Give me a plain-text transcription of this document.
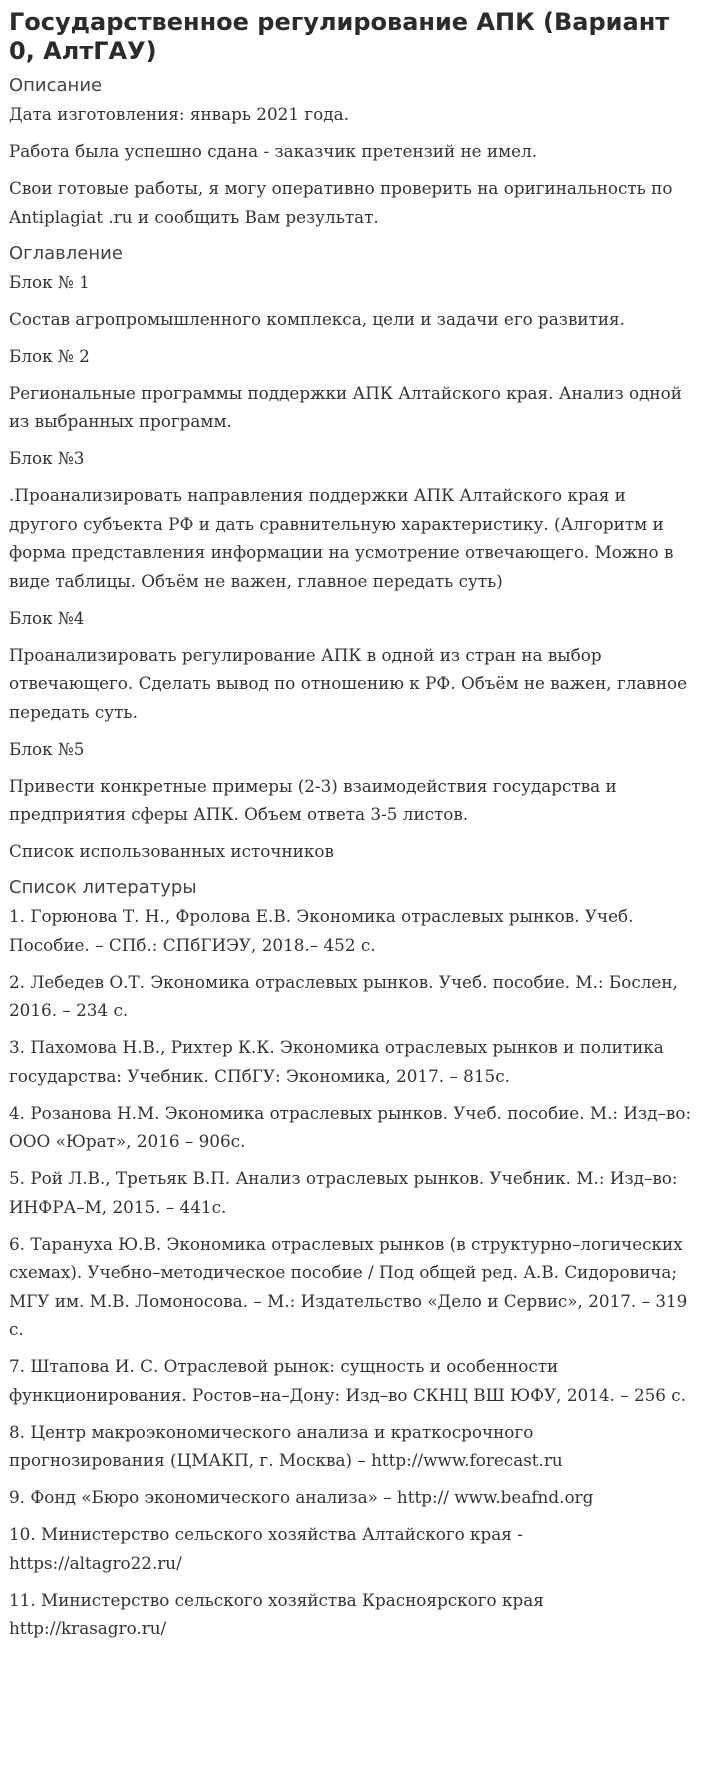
Государственное регулирование АПК (Вариант 0, АлтГАУ)
Описание

Дата изготовления: январь 2021 года.

Работа была успешно сдана - заказчик претензий не имел.

Свои готовые работы, я могу оперативно проверить на оригинальность по Antiplagiat .ru и сообщить Вам результат.

Оглавление

Блок № 1

Состав агропромышленного комплекса, цели и задачи его развития.

Блок № 2

Региональные программы поддержки АПК Алтайского края. Анализ одной из выбранных программ.

Блок №3

.Проанализировать направления поддержки АПК Алтайского края и другого субъекта РФ и дать сравнительную характеристику. (Алгоритм и форма представления информации на усмотрение отвечающего. Можно в виде таблицы. Объём не важен, главное передать суть)

Блок №4

Проанализировать регулирование АПК в одной из стран на выбор отвечающего. Сделать вывод по отношению к РФ. Объём не важен, главное передать суть.

Блок №5

Привести конкретные примеры (2-3) взаимодействия государства и предприятия сферы АПК. Объем ответа 3-5 листов.

Список использованных источников

Список литературы

1. Горюнова Т. Н., Фролова Е.В. Экономика отраслевых рынков. Учеб. Пособие. – СПб.: СПбГИЭУ, 2018.– 452 с.

2. Лебедев О.Т. Экономика отраслевых рынков. Учеб. пособие. М.: Бослен, 2016. – 234 с.

3. Пахомова Н.В., Рихтер К.К. Экономика отраслевых рынков и политика государства: Учебник. СПбГУ: Экономика, 2017. – 815с.

4. Розанова Н.М. Экономика отраслевых рынков. Учеб. пособие. М.: Изд–во: ООО «Юрат», 2016 – 906с.

5. Рой Л.В., Третьяк В.П. Анализ отраслевых рынков. Учебник. М.: Изд–во: ИНФРА–М, 2015. – 441с.

6. Тарануха Ю.В. Экономика отраслевых рынков (в структурно–логических схемах). Учебно–методическое пособие / Под общей ред. А.В. Сидоровича; МГУ им. М.В. Ломоносова. – М.: Издательство «Дело и Сервис», 2017. – 319 с.

7. Штапова И. С. Отраслевой рынок: сущность и особенности функционирования. Ростов–на–Дону: Изд–во СКНЦ ВШ ЮФУ, 2014. – 256 с.

8. Центр макроэкономического анализа и краткосрочного прогнозирования (ЦМАКП, г. Москва) – http://www.forecast.ru

9. Фонд «Бюро экономического анализа» – http:// www.beafnd.org

10. Министерство сельского хозяйства Алтайского края - https://altagro22.ru/

11. Министерство сельского хозяйства Красноярского края http://krasagro.ru/
